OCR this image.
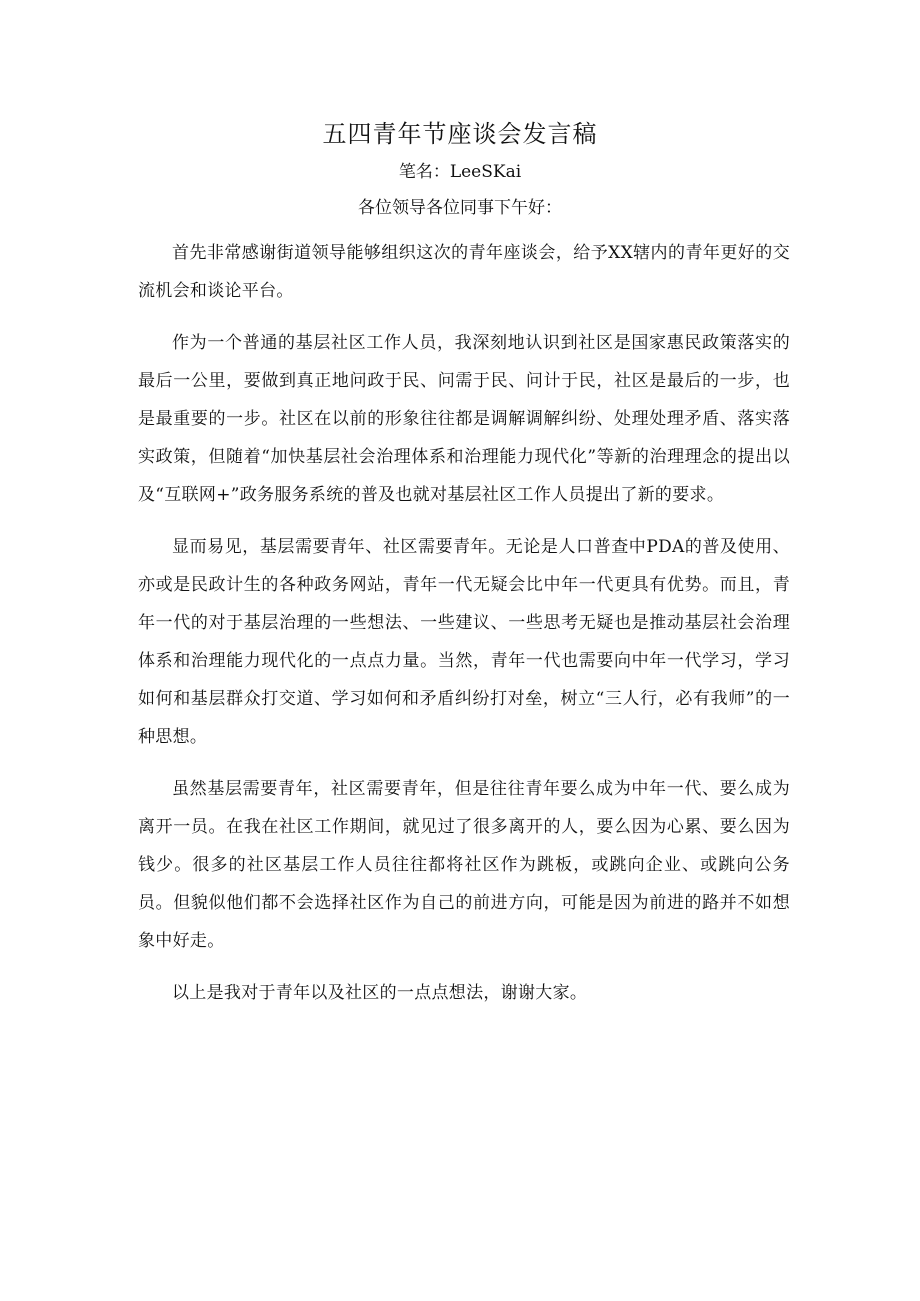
五四青年节座谈会发言稿
笔名：LeeSKai
各位领导各位同事下午好：

首先非常感谢街道领导能够组织这次的青年座谈会，给予XX辖内的青年更好的交流机会和谈论平台。

作为一个普通的基层社区工作人员，我深刻地认识到社区是国家惠民政策落实的最后一公里，要做到真正地问政于民、问需于民、问计于民，社区是最后的一步，也是最重要的一步。社区在以前的形象往往都是调解调解纠纷、处理处理矛盾、落实落实政策，但随着“加快基层社会治理体系和治理能力现代化”等新的治理理念的提出以及“互联网+”政务服务系统的普及也就对基层社区工作人员提出了新的要求。

显而易见，基层需要青年、社区需要青年。无论是人口普查中PDA的普及使用、亦或是民政计生的各种政务网站，青年一代无疑会比中年一代更具有优势。而且，青年一代的对于基层治理的一些想法、一些建议、一些思考无疑也是推动基层社会治理体系和治理能力现代化的一点点力量。当然，青年一代也需要向中年一代学习，学习如何和基层群众打交道、学习如何和矛盾纠纷打对垒，树立“三人行，必有我师”的一种思想。

虽然基层需要青年，社区需要青年，但是往往青年要么成为中年一代、要么成为离开一员。在我在社区工作期间，就见过了很多离开的人，要么因为心累、要么因为钱少。很多的社区基层工作人员往往都将社区作为跳板，或跳向企业、或跳向公务员。但貌似他们都不会选择社区作为自己的前进方向，可能是因为前进的路并不如想象中好走。

以上是我对于青年以及社区的一点点想法，谢谢大家。
